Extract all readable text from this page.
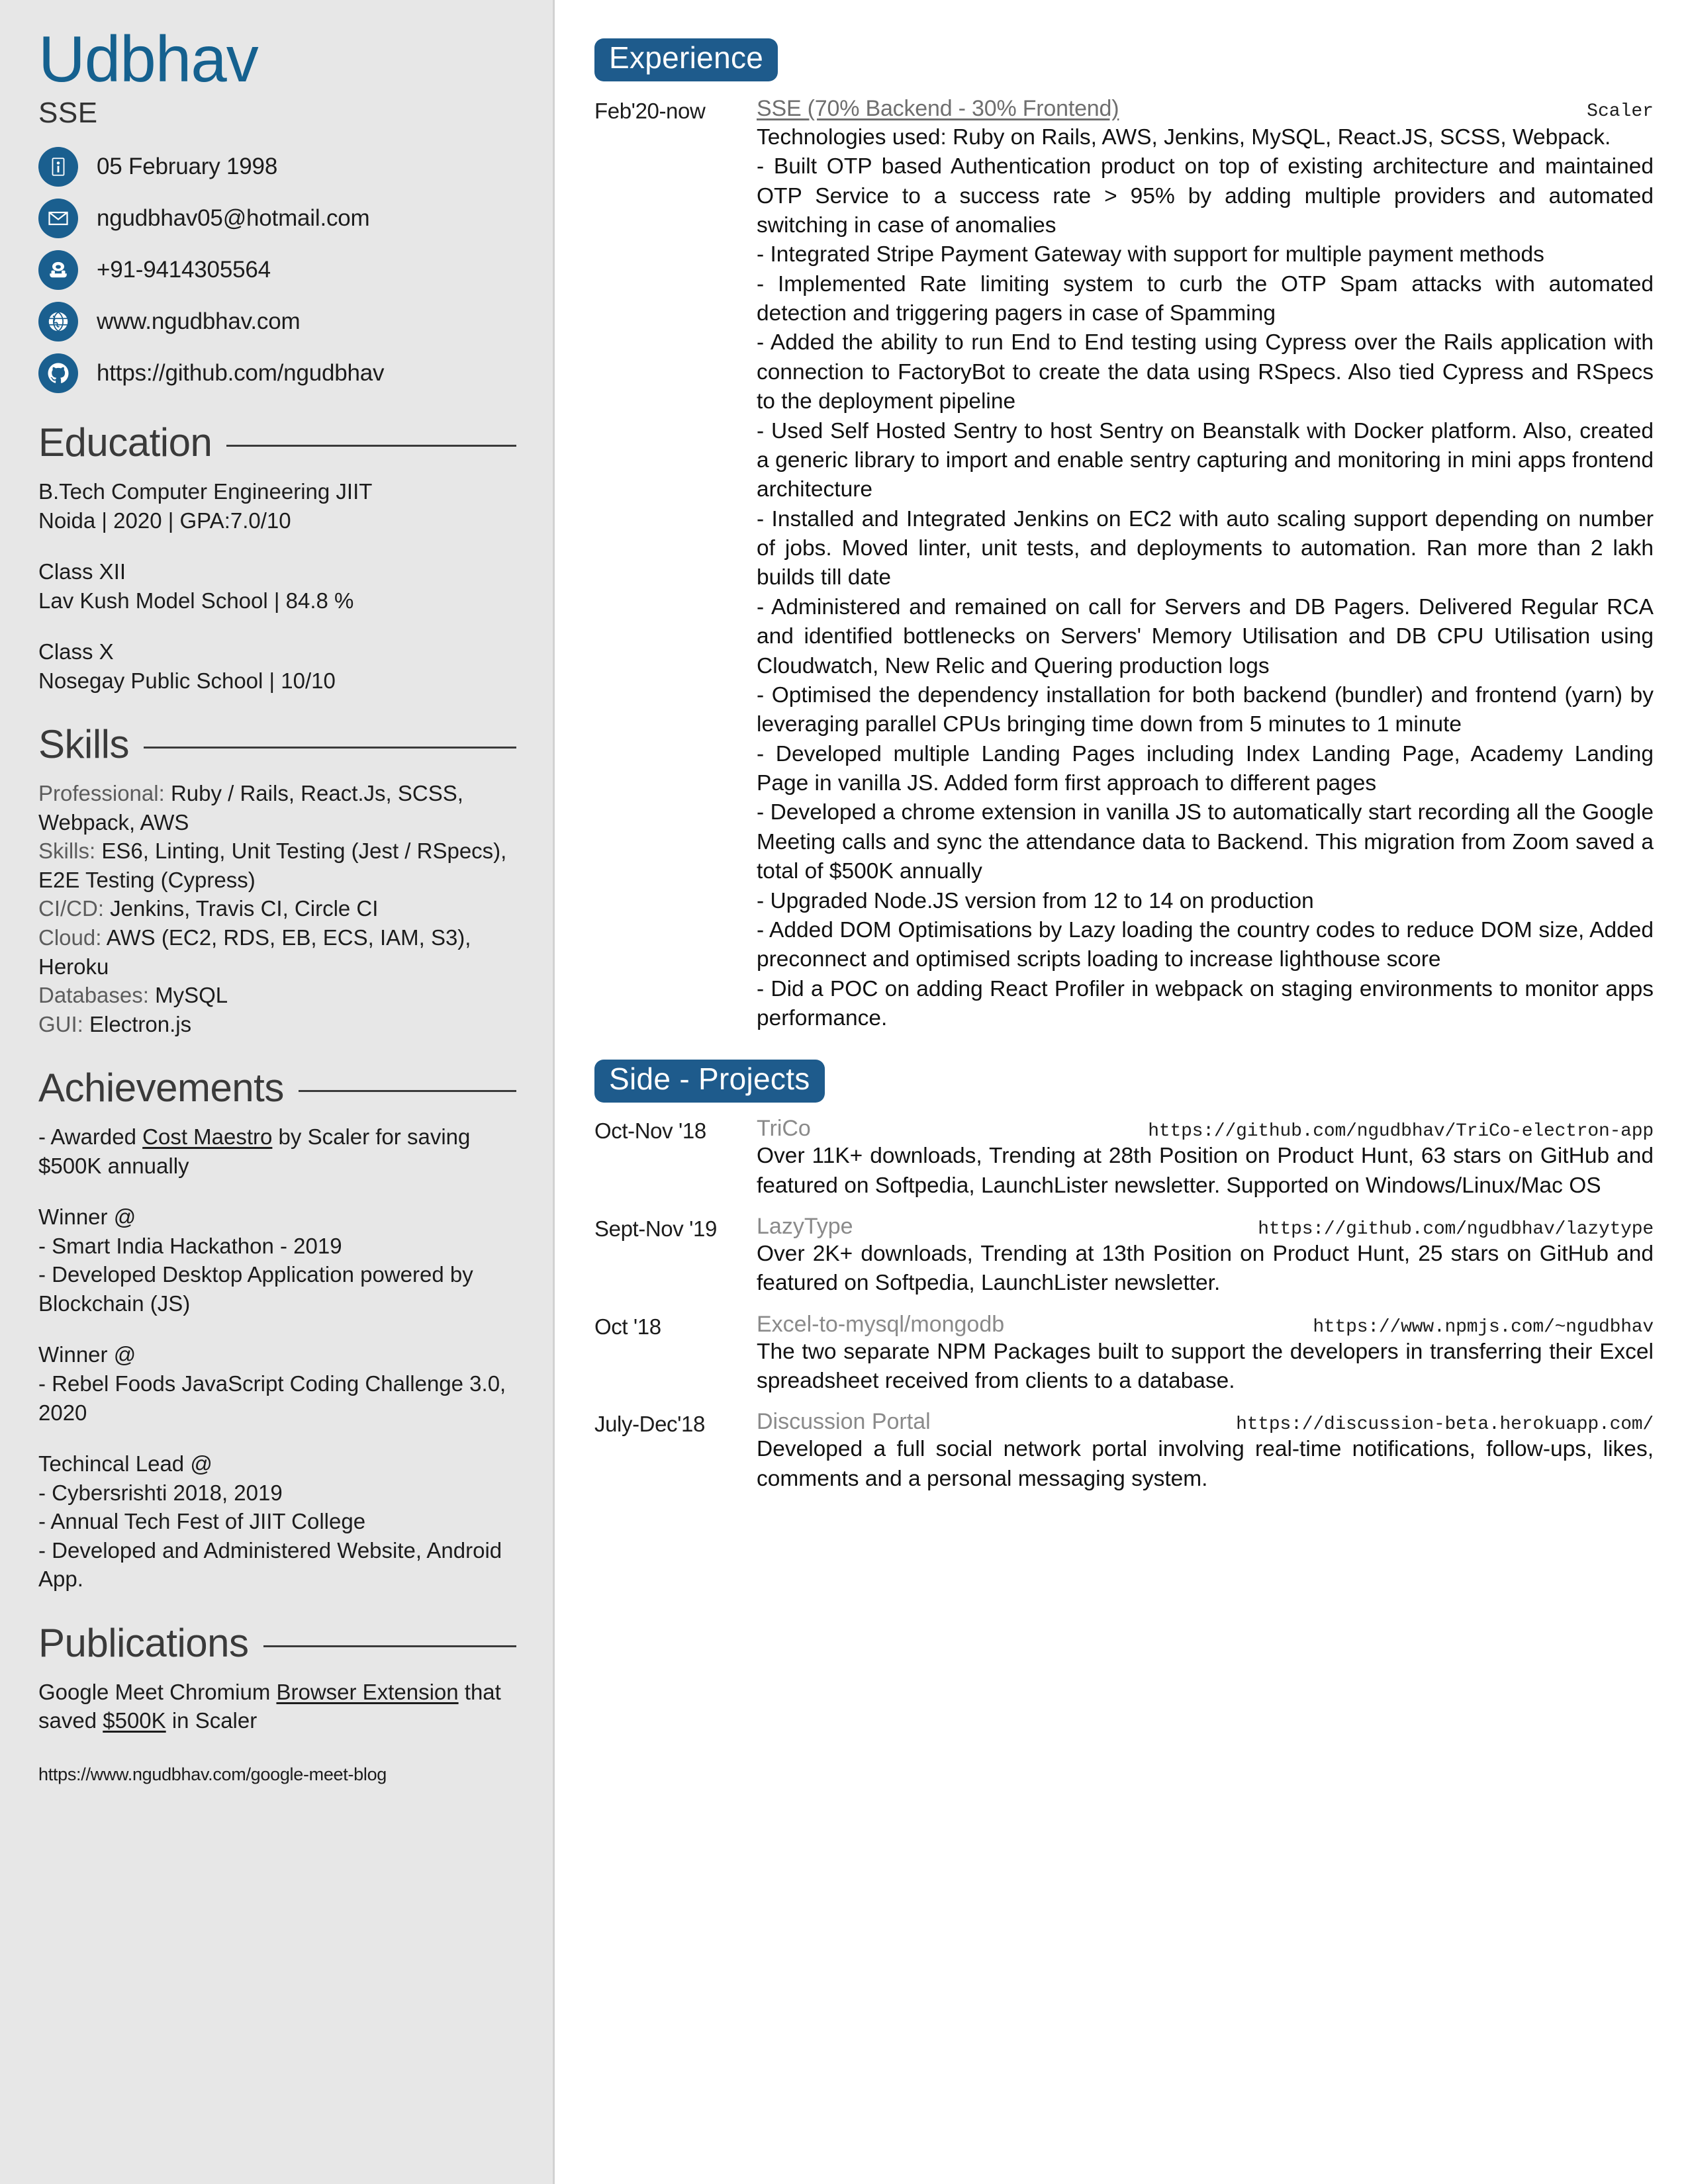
Udbhav
SSE
05 February 1998
ngudbhav05@hotmail.com
+91-9414305564
www.ngudbhav.com
https://github.com/ngudbhav
Education
B.Tech Computer Engineering JIIT
Noida | 2020 | GPA:7.0/10
Class XII
Lav Kush Model School | 84.8 %
Class X
Nosegay Public School | 10/10
Skills
Professional: Ruby / Rails, React.Js, SCSS, Webpack, AWS
Skills: ES6, Linting, Unit Testing (Jest / RSpecs), E2E Testing (Cypress)
CI/CD: Jenkins, Travis CI, Circle CI
Cloud: AWS (EC2, RDS, EB, ECS, IAM, S3), Heroku
Databases: MySQL
GUI: Electron.js
Achievements
- Awarded Cost Maestro by Scaler for saving $500K annually
Winner @
- Smart India Hackathon - 2019
- Developed Desktop Application powered by Blockchain (JS)
Winner @
- Rebel Foods JavaScript Coding Challenge 3.0, 2020
Techincal Lead @
- Cybersrishti 2018, 2019
- Annual Tech Fest of JIIT College
- Developed and Administered Website, Android App.
Publications
Google Meet Chromium Browser Extension that saved $500K in Scaler
https://www.ngudbhav.com/google-meet-blog
Experience
Feb'20-now	SSE (70% Backend - 30% Frontend)	Scaler
Technologies used: Ruby on Rails, AWS, Jenkins, MySQL, React.JS, SCSS, Webpack.
- Built OTP based Authentication product on top of existing architecture and maintained OTP Service to a success rate > 95% by adding multiple providers and automated switching in case of anomalies
- Integrated Stripe Payment Gateway with support for multiple payment methods
- Implemented Rate limiting system to curb the OTP Spam attacks with automated detection and triggering pagers in case of Spamming
- Added the ability to run End to End testing using Cypress over the Rails application with connection to FactoryBot to create the data using RSpecs. Also tied Cypress and RSpecs to the deployment pipeline
- Used Self Hosted Sentry to host Sentry on Beanstalk with Docker platform. Also, created a generic library to import and enable sentry capturing and monitoring in mini apps frontend architecture
- Installed and Integrated Jenkins on EC2 with auto scaling support depending on number of jobs. Moved linter, unit tests, and deployments to automation. Ran more than 2 lakh builds till date
- Administered and remained on call for Servers and DB Pagers. Delivered Regular RCA and identified bottlenecks on Servers' Memory Utilisation and DB CPU Utilisation using Cloudwatch, New Relic and Quering production logs
- Optimised the dependency installation for both backend (bundler) and frontend (yarn) by leveraging parallel CPUs bringing time down from 5 minutes to 1 minute
- Developed multiple Landing Pages including Index Landing Page, Academy Landing Page in vanilla JS. Added form first approach to different pages
- Developed a chrome extension in vanilla JS to automatically start recording all the Google Meeting calls and sync the attendance data to Backend. This migration from Zoom saved a total of $500K annually
- Upgraded Node.JS version from 12 to 14 on production
- Added DOM Optimisations by Lazy loading the country codes to reduce DOM size, Added preconnect and optimised scripts loading to increase lighthouse score
- Did a POC on adding React Profiler in webpack on staging environments to monitor apps performance.
Side - Projects
Oct-Nov '18	TriCo	https://github.com/ngudbhav/TriCo-electron-app
Over 11K+ downloads, Trending at 28th Position on Product Hunt, 63 stars on GitHub and featured on Softpedia, LaunchLister newsletter. Supported on Windows/Linux/Mac OS
Sept-Nov '19	LazyType	https://github.com/ngudbhav/lazytype
Over 2K+ downloads, Trending at 13th Position on Product Hunt, 25 stars on GitHub and featured on Softpedia, LaunchLister newsletter.
Oct '18	Excel-to-mysql/mongodb	https://www.npmjs.com/~ngudbhav
The two separate NPM Packages built to support the developers in transferring their Excel spreadsheet received from clients to a database.
July-Dec'18	Discussion Portal	https://discussion-beta.herokuapp.com/
Developed a full social network portal involving real-time notifications, follow-ups, likes, comments and a personal messaging system.
